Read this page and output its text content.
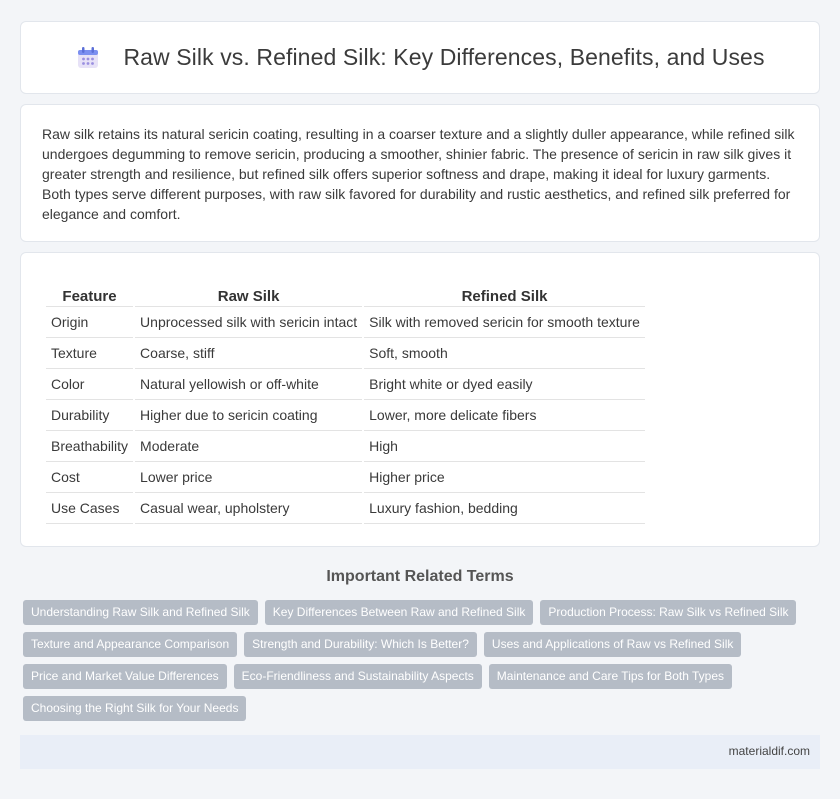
Raw Silk vs. Refined Silk: Key Differences, Benefits, and Uses

Raw silk retains its natural sericin coating, resulting in a coarser texture and a slightly duller appearance, while refined silk undergoes degumming to remove sericin, producing a smoother, shinier fabric. The presence of sericin in raw silk gives it greater strength and resilience, but refined silk offers superior softness and drape, making it ideal for luxury garments. Both types serve different purposes, with raw silk favored for durability and rustic aesthetics, and refined silk preferred for elegance and comfort.

Feature	Raw Silk	Refined Silk
Origin	Unprocessed silk with sericin intact	Silk with removed sericin for smooth texture
Texture	Coarse, stiff	Soft, smooth
Color	Natural yellowish or off-white	Bright white or dyed easily
Durability	Higher due to sericin coating	Lower, more delicate fibers
Breathability	Moderate	High
Cost	Lower price	Higher price
Use Cases	Casual wear, upholstery	Luxury fashion, bedding
Important Related Terms
Understanding Raw Silk and Refined Silk	Key Differences Between Raw and Refined Silk	Production Process: Raw Silk vs Refined Silk
Texture and Appearance Comparison	Strength and Durability: Which Is Better?	Uses and Applications of Raw vs Refined Silk
Price and Market Value Differences	Eco-Friendliness and Sustainability Aspects	Maintenance and Care Tips for Both Types
Choosing the Right Silk for Your Needs
materialdif.com
